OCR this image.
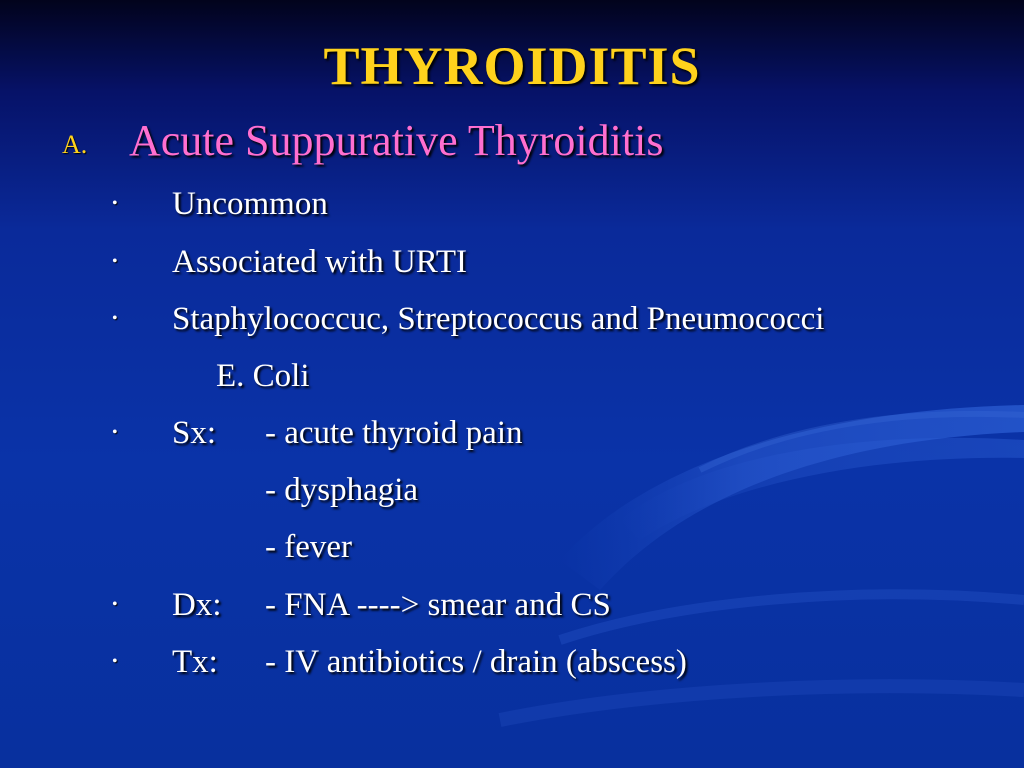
THYROIDITIS
A. Acute Suppurative Thyroiditis
• Uncommon
• Associated with URTI
• Staphylococcuc, Streptococcus and Pneumococci
E. Coli
• Sx: - acute thyroid pain
- dysphagia
- fever
• Dx: - FNA ----> smear and CS
• Tx: - IV antibiotics / drain (abscess)
